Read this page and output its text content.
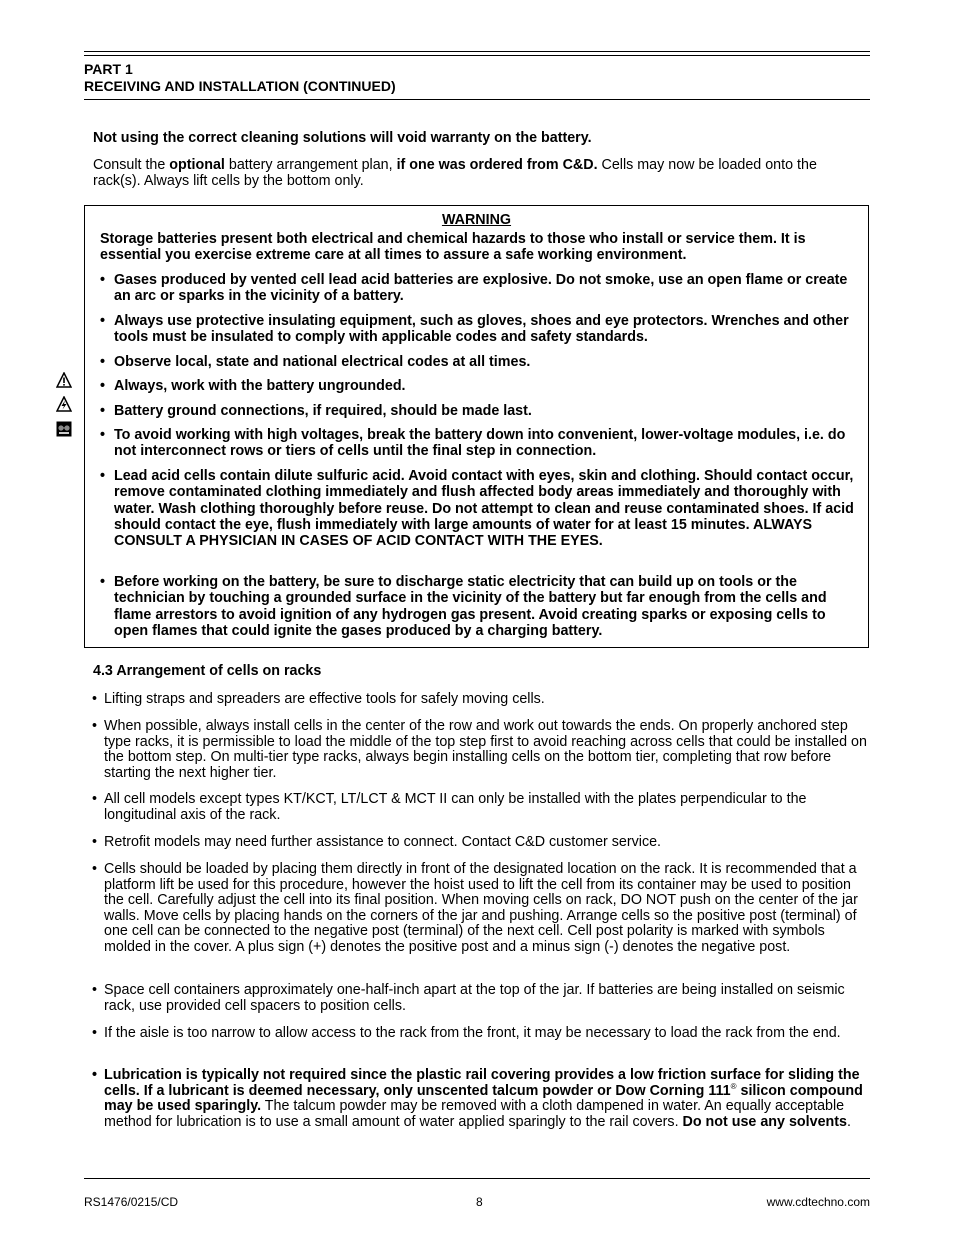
PART 1
RECEIVING AND INSTALLATION (CONTINUED)
Not using the correct cleaning solutions will void warranty on the battery.
Consult the optional battery arrangement plan, if one was ordered from C&D. Cells may now be loaded onto the rack(s). Always lift cells by the bottom only.
WARNING
Storage batteries present both electrical and chemical hazards to those who install or service them. It is essential you exercise extreme care at all times to assure a safe working environment.
• Gases produced by vented cell lead acid batteries are explosive. Do not smoke, use an open flame or create an arc or sparks in the vicinity of a battery.
• Always use protective insulating equipment, such as gloves, shoes and eye protectors. Wrenches and other tools must be insulated to comply with applicable codes and safety standards.
• Observe local, state and national electrical codes at all times.
• Always, work with the battery ungrounded.
• Battery ground connections, if required, should be made last.
• To avoid working with high voltages, break the battery down into convenient, lower-voltage modules, i.e. do not interconnect rows or tiers of cells until the final step in connection.
• Lead acid cells contain dilute sulfuric acid. Avoid contact with eyes, skin and clothing. Should contact occur, remove contaminated clothing immediately and flush affected body areas immediately and thoroughly with water. Wash clothing thoroughly before reuse. Do not attempt to clean and reuse contaminated shoes. If acid should contact the eye, flush immediately with large amounts of water for at least 15 minutes. ALWAYS CONSULT A PHYSICIAN IN CASES OF ACID CONTACT WITH THE EYES.
• Before working on the battery, be sure to discharge static electricity that can build up on tools or the technician by touching a grounded surface in the vicinity of the battery but far enough from the cells and flame arrestors to avoid ignition of any hydrogen gas present. Avoid creating sparks or exposing cells to open flames that could ignite the gases produced by a charging battery.
4.3 Arrangement of cells on racks
• Lifting straps and spreaders are effective tools for safely moving cells.
• When possible, always install cells in the center of the row and work out towards the ends. On properly anchored step type racks, it is permissible to load the middle of the top step first to avoid reaching across cells that could be installed on the bottom step. On multi-tier type racks, always begin installing cells on the bottom tier, completing that row before starting the next higher tier.
• All cell models except types KT/KCT, LT/LCT & MCT II can only be installed with the plates perpendicular to the longitudinal axis of the rack.
• Retrofit models may need further assistance to connect. Contact C&D customer service.
• Cells should be loaded by placing them directly in front of the designated location on the rack. It is recommended that a platform lift be used for this procedure, however the hoist used to lift the cell from its container may be used to position the cell. Carefully adjust the cell into its final position. When moving cells on rack, DO NOT push on the center of the jar walls. Move cells by placing hands on the corners of the jar and pushing. Arrange cells so the positive post (terminal) of one cell can be connected to the negative post (terminal) of the next cell. Cell post polarity is marked with symbols molded in the cover. A plus sign (+) denotes the positive post and a minus sign (-) denotes the negative post.
• Space cell containers approximately one-half-inch apart at the top of the jar. If batteries are being installed on seismic rack, use provided cell spacers to position cells.
• If the aisle is too narrow to allow access to the rack from the front, it may be necessary to load the rack from the end.
• Lubrication is typically not required since the plastic rail covering provides a low friction surface for sliding the cells. If a lubricant is deemed necessary, only unscented talcum powder or Dow Corning 111® silicon compound may be used sparingly. The talcum powder may be removed with a cloth dampened in water. An equally acceptable method for lubrication is to use a small amount of water applied sparingly to the rail covers. Do not use any solvents.
RS1476/0215/CD	8	www.cdtechno.com
